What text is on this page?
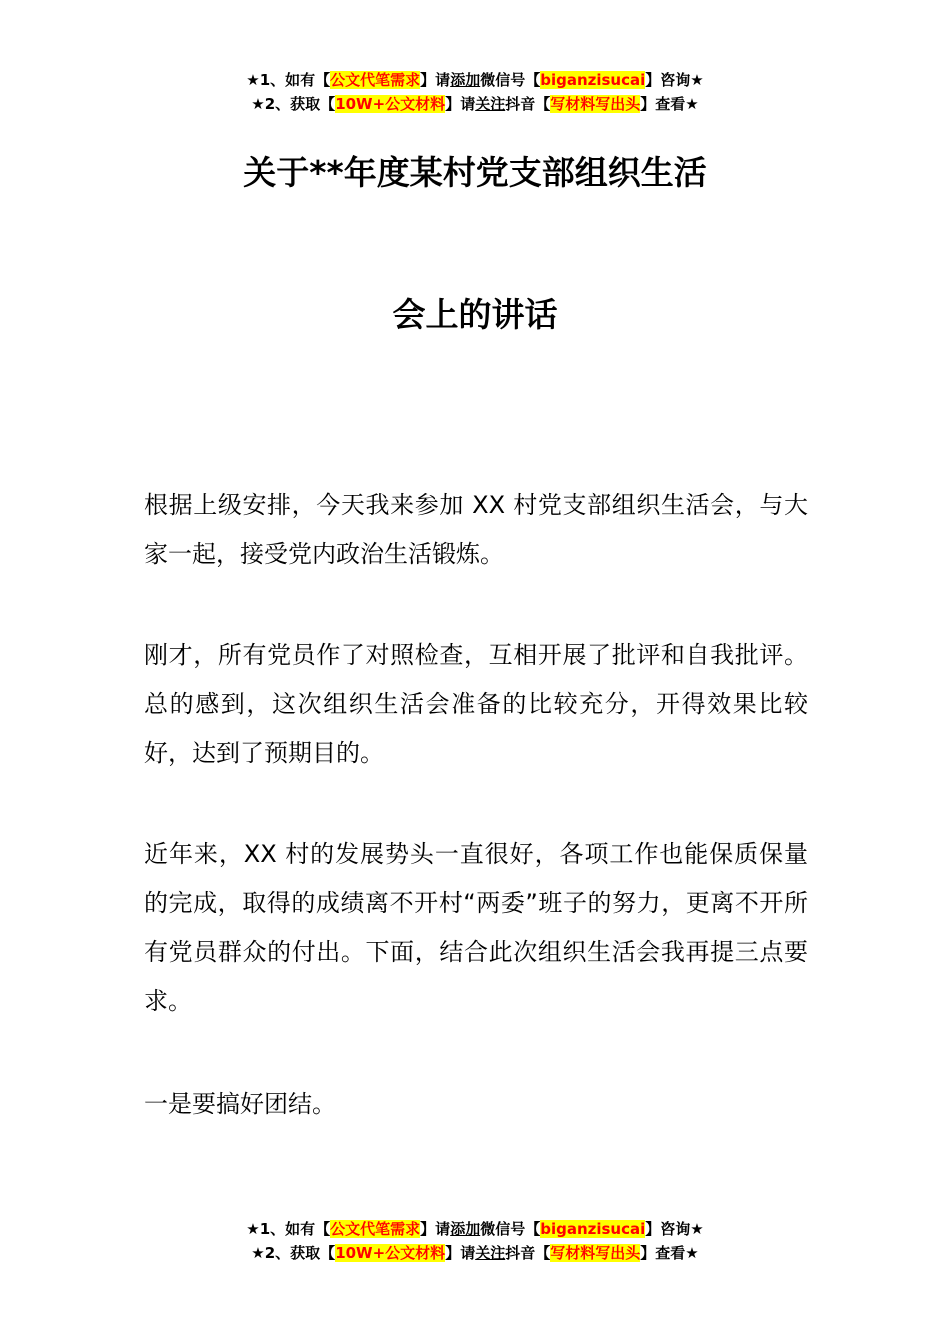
★1、如有【公文代笔需求】请添加微信号【biganzisucai】咨询★
★2、获取【10W+公文材料】请关注抖音【写材料写出头】查看★
关于**年度某村党支部组织生活
会上的讲话

根据上级安排，今天我来参加 XX 村党支部组织生活会，与大家一起，接受党内政治生活锻炼。

刚才，所有党员作了对照检查，互相开展了批评和自我批评。总的感到，这次组织生活会准备的比较充分，开得效果比较好，达到了预期目的。

近年来，XX 村的发展势头一直很好，各项工作也能保质保量的完成，取得的成绩离不开村“两委”班子的努力，更离不开所有党员群众的付出。下面，结合此次组织生活会我再提三点要求。

一是要搞好团结。

★1、如有【公文代笔需求】请添加微信号【biganzisucai】咨询★
★2、获取【10W+公文材料】请关注抖音【写材料写出头】查看★
